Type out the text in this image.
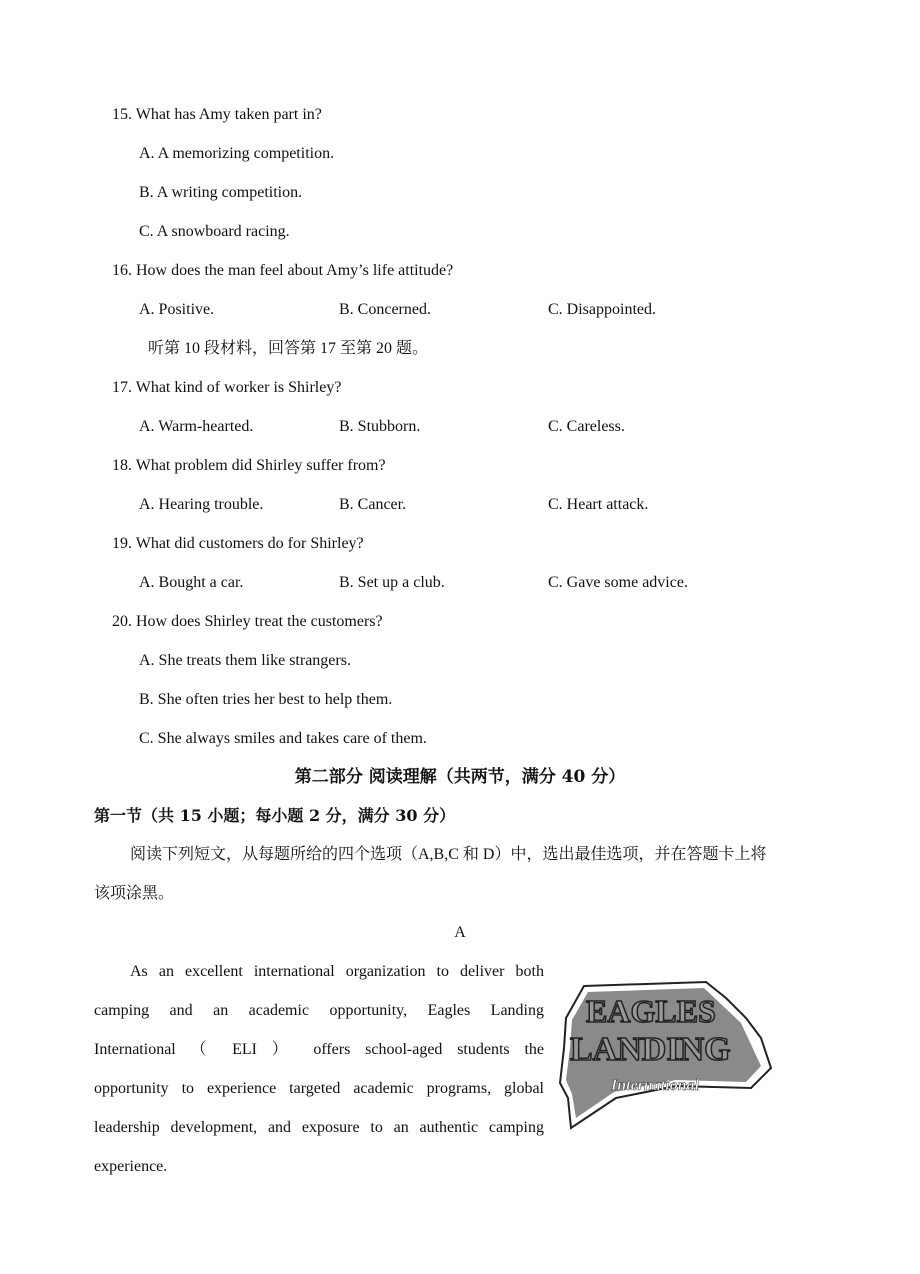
15. What has Amy taken part in?
A. A memorizing competition.
B. A writing competition.
C. A snowboard racing.
16. How does the man feel about Amy’s life attitude?
A. Positive.	B. Concerned.	C. Disappointed.
听第 10 段材料，回答第 17 至第 20 题。
17. What kind of worker is Shirley?
A. Warm-hearted.	B. Stubborn.	C. Careless.
18. What problem did Shirley suffer from?
A. Hearing trouble.	B. Cancer.	C. Heart attack.
19. What did customers do for Shirley?
A. Bought a car.	B. Set up a club.	C. Gave some advice.
20. How does Shirley treat the customers?
A. She treats them like strangers.
B. She often tries her best to help them.
C. She always smiles and takes care of them.
第二部分 阅读理解（共两节，满分 40 分）
第一节（共 15 小题；每小题 2 分，满分 30 分）
阅读下列短文，从每题所给的四个选项（A,B,C 和 D）中，选出最佳选项，并在答题卡上将
该项涂黑。
A
As an excellent international organization to deliver both
camping and an academic opportunity, Eagles Landing
International （ ELI ） offers school-aged students the
opportunity to experience targeted academic programs, global
leadership development, and exposure to an authentic camping
experience.
EAGLES
LANDING
International
